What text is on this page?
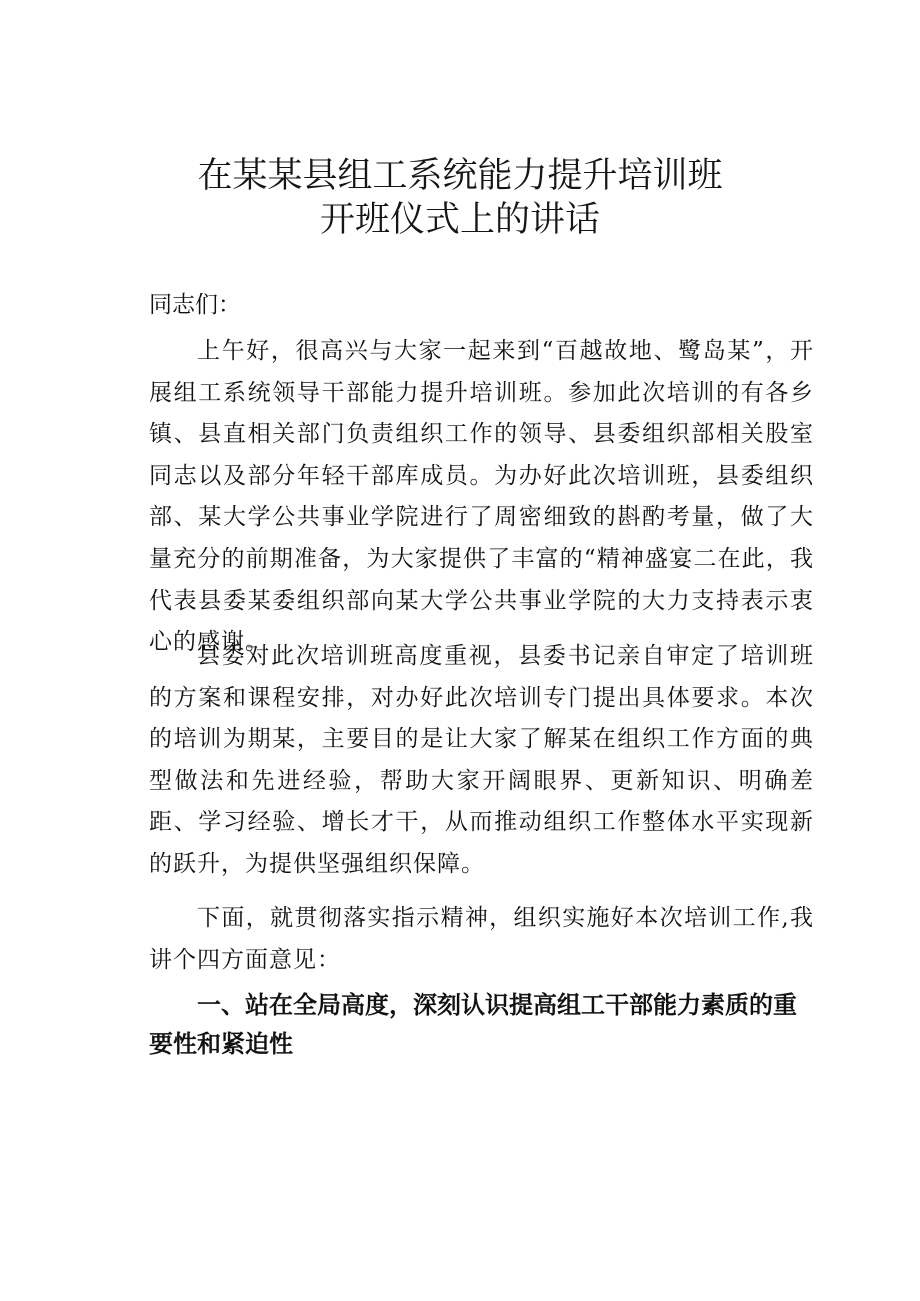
在某某县组工系统能力提升培训班
开班仪式上的讲话
同志们：

上午好，很高兴与大家一起来到“百越故地、鹭岛某”，开展组工系统领导干部能力提升培训班。参加此次培训的有各乡镇、县直相关部门负责组织工作的领导、县委组织部相关股室同志以及部分年轻干部库成员。为办好此次培训班，县委组织部、某大学公共事业学院进行了周密细致的斟酌考量，做了大量充分的前期准备，为大家提供了丰富的“精神盛宴二在此，我代表县委某委组织部向某大学公共事业学院的大力支持表示衷心的感谢。

县委对此次培训班高度重视，县委书记亲自审定了培训班的方案和课程安排，对办好此次培训专门提出具体要求。本次的培训为期某，主要目的是让大家了解某在组织工作方面的典型做法和先进经验，帮助大家开阔眼界、更新知识、明确差距、学习经验、增长才干，从而推动组织工作整体水平实现新的跃升，为提供坚强组织保障。

下面，就贯彻落实指示精神，组织实施好本次培训工作,我讲个四方面意见：

一、站在全局高度，深刻认识提高组工干部能力素质的重要性和紧迫性
